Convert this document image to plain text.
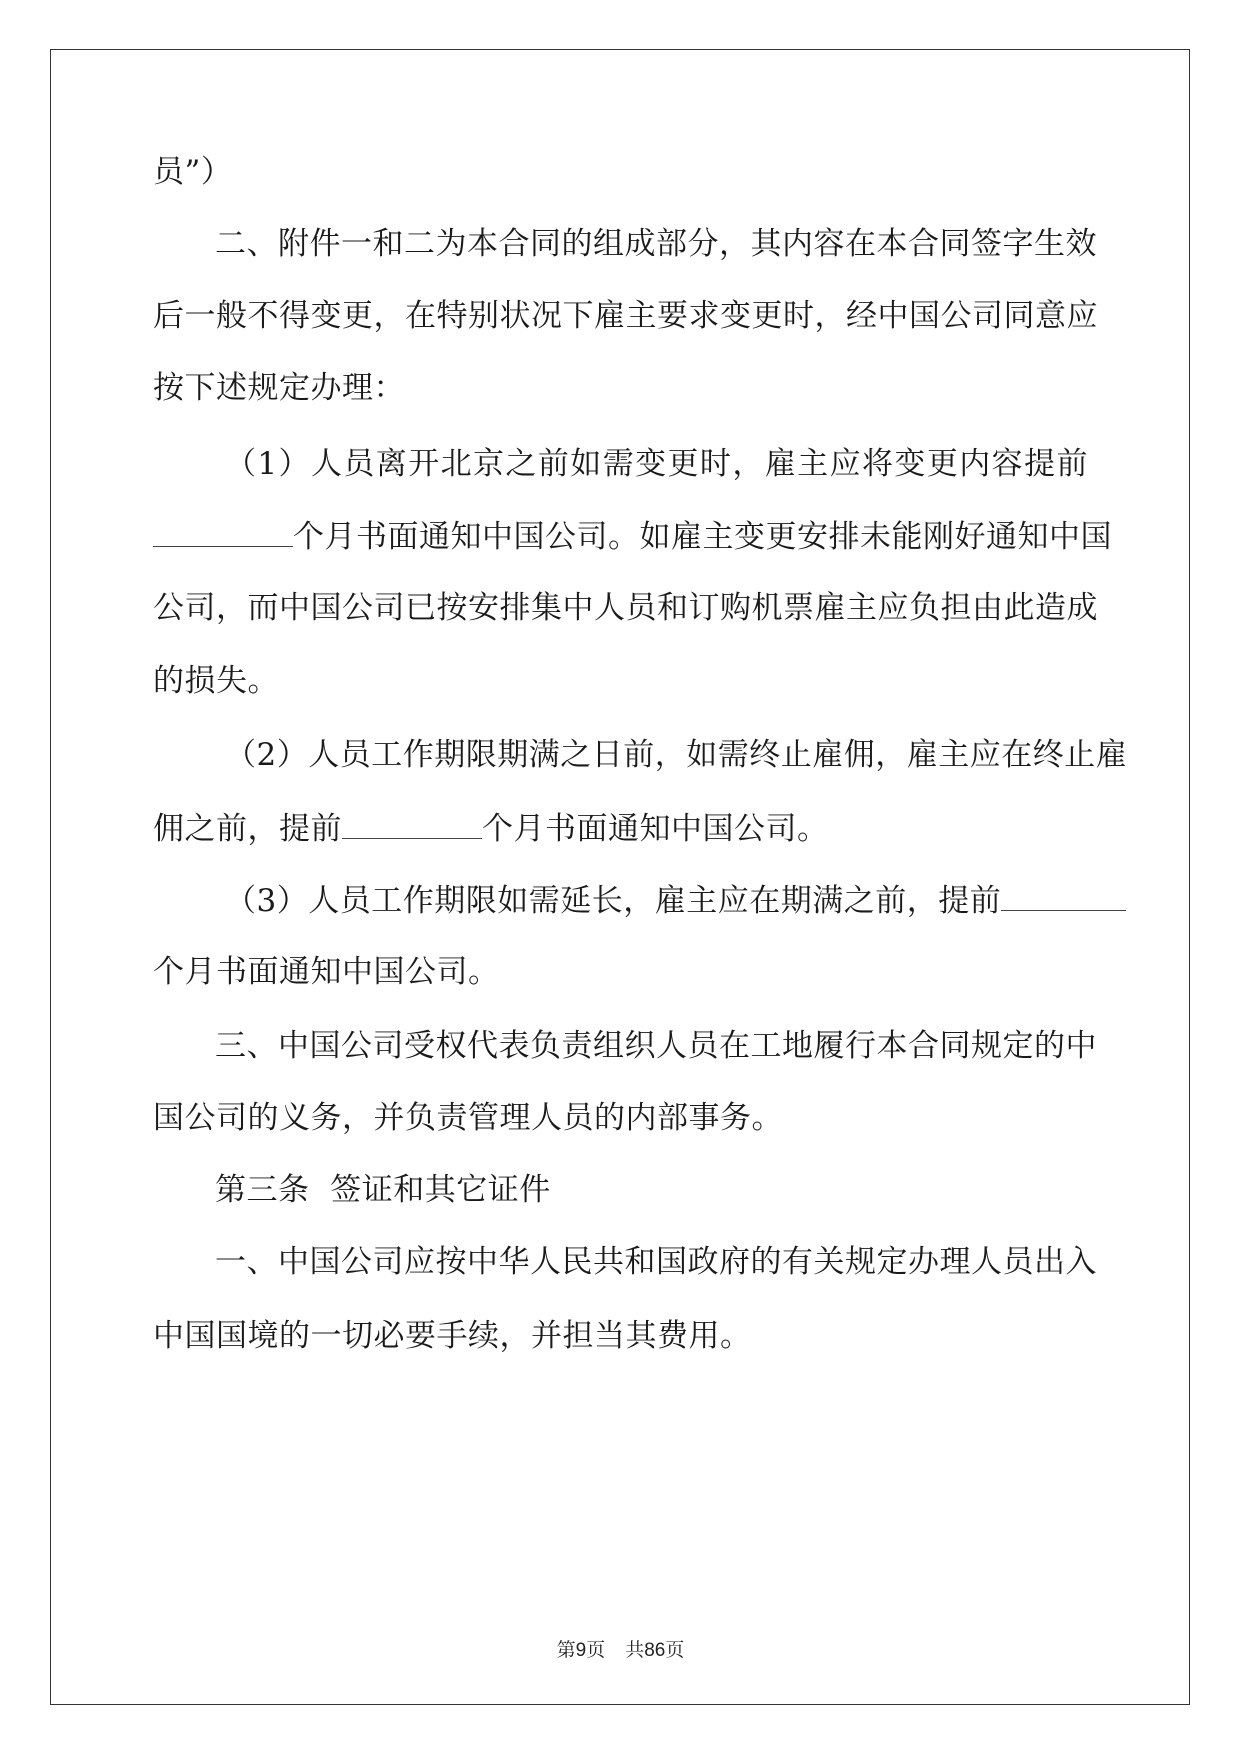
员”）
二、附件一和二为本合同的组成部分，其内容在本合同签字生效
后一般不得变更，在特别状况下雇主要求变更时，经中国公司同意应
按下述规定办理：
（1）人员离开北京之前如需变更时，雇主应将变更内容提前
个月书面通知中国公司。如雇主变更安排未能刚好通知中国
公司，而中国公司已按安排集中人员和订购机票雇主应负担由此造成
的损失。
（2）人员工作期限期满之日前，如需终止雇佣，雇主应在终止雇
佣之前，提前	个月书面通知中国公司。
（3）人员工作期限如需延长，雇主应在期满之前，提前
个月书面通知中国公司。
三、中国公司受权代表负责组织人员在工地履行本合同规定的中
国公司的义务，并负责管理人员的内部事务。
第三条  签证和其它证件
一、中国公司应按中华人民共和国政府的有关规定办理人员出入
中国国境的一切必要手续，并担当其费用。
第9页 共86页
